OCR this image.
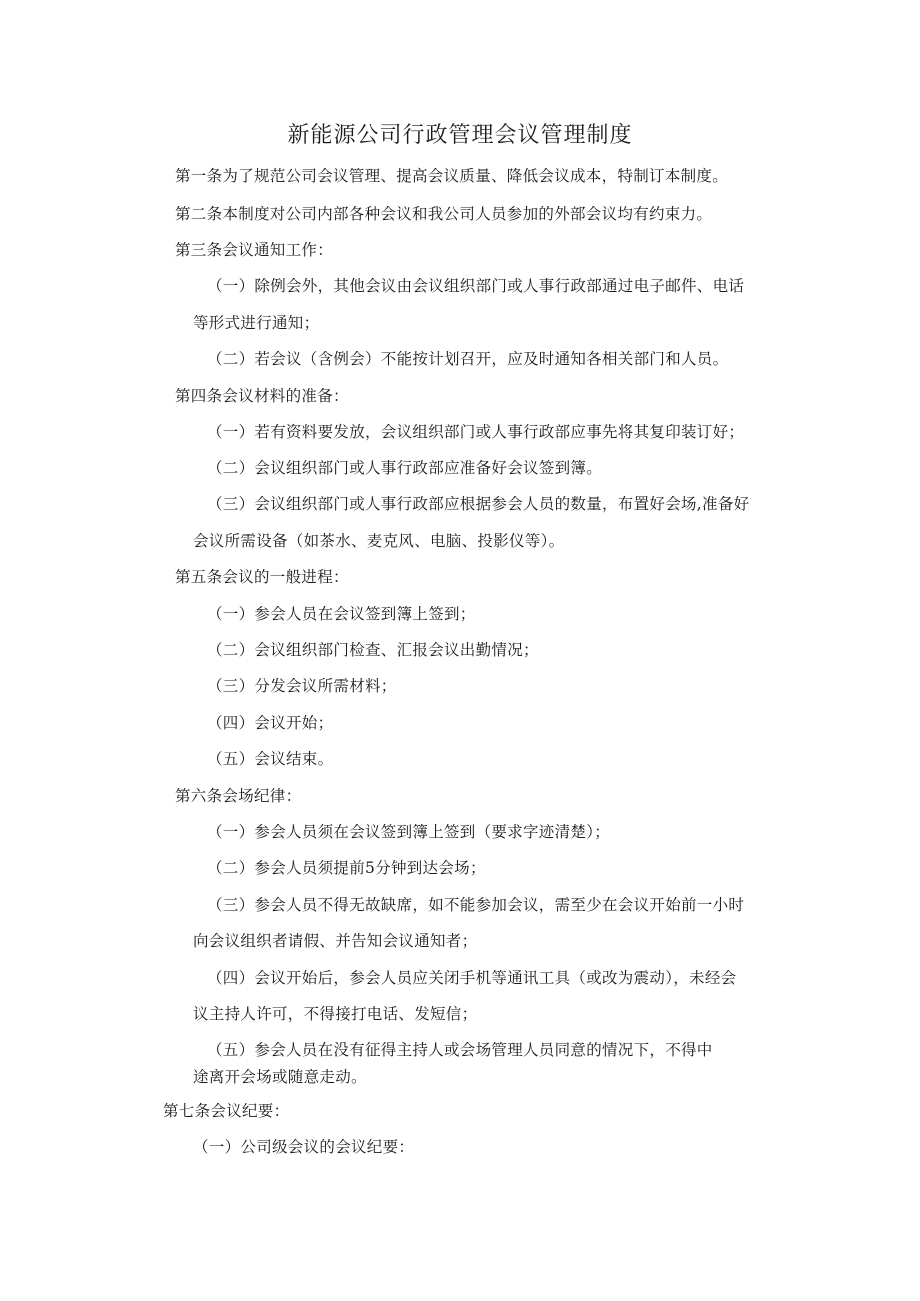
新能源公司行政管理会议管理制度
第一条为了规范公司会议管理、提高会议质量、降低会议成本，特制订本制度。
第二条本制度对公司内部各种会议和我公司人员参加的外部会议均有约束力。
第三条会议通知工作：
（一）除例会外，其他会议由会议组织部门或人事行政部通过电子邮件、电话
等形式进行通知；
（二）若会议（含例会）不能按计划召开，应及时通知各相关部门和人员。
第四条会议材料的准备：
（一）若有资料要发放，会议组织部门或人事行政部应事先将其复印装订好；
（二）会议组织部门或人事行政部应准备好会议签到簿。
（三）会议组织部门或人事行政部应根据参会人员的数量，布置好会场,准备好
会议所需设备（如茶水、麦克风、电脑、投影仪等）。
第五条会议的一般进程：
（一）参会人员在会议签到簿上签到；
（二）会议组织部门检查、汇报会议出勤情况；
（三）分发会议所需材料；
（四）会议开始；
（五）会议结束。
第六条会场纪律：
（一）参会人员须在会议签到簿上签到（要求字迹清楚）；
（二）参会人员须提前5分钟到达会场；
（三）参会人员不得无故缺席，如不能参加会议，需至少在会议开始前一小时
向会议组织者请假、并告知会议通知者；
（四）会议开始后，参会人员应关闭手机等通讯工具（或改为震动），未经会
议主持人许可，不得接打电话、发短信；
（五）参会人员在没有征得主持人或会场管理人员同意的情况下，不得中
途离开会场或随意走动。
第七条会议纪要：
（一）公司级会议的会议纪要：
